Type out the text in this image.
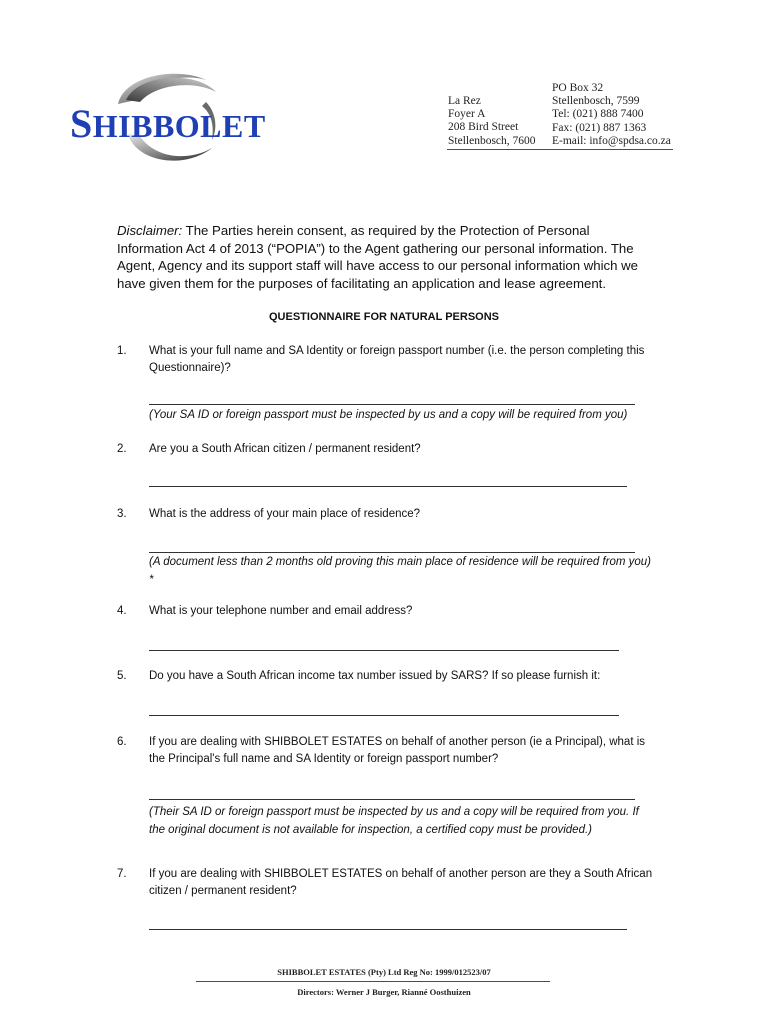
SHIBBOLET
La Rez
Foyer A
208 Bird Street
Stellenbosch, 7600
PO Box 32
Stellenbosch, 7599
Tel: (021) 888 7400
Fax: (021) 887 1363
E-mail: info@spdsa.co.za
Disclaimer: The Parties herein consent, as required by the Protection of Personal Information Act 4 of 2013 (“POPIA”) to the Agent gathering our personal information. The Agent, Agency and its support staff will have access to our personal information which we have given them for the purposes of facilitating an application and lease agreement.
QUESTIONNAIRE FOR NATURAL PERSONS
1. What is your full name and SA Identity or foreign passport number (i.e. the person completing this Questionnaire)?
(Your SA ID or foreign passport must be inspected by us and a copy will be required from you)
2. Are you a South African citizen / permanent resident?
3. What is the address of your main place of residence?
(A document less than 2 months old proving this main place of residence will be required from you) *
4. What is your telephone number and email address?
5. Do you have a South African income tax number issued by SARS? If so please furnish it:
6. If you are dealing with SHIBBOLET ESTATES on behalf of another person (ie a Principal), what is the Principal's full name and SA Identity or foreign passport number?
(Their SA ID or foreign passport must be inspected by us and a copy will be required from you. If the original document is not available for inspection, a certified copy must be provided.)
7. If you are dealing with SHIBBOLET ESTATES on behalf of another person are they a South African citizen / permanent resident?
SHIBBOLET ESTATES (Pty) Ltd Reg No: 1999/012523/07
Directors: Werner J Burger, Rianné Oosthuizen
